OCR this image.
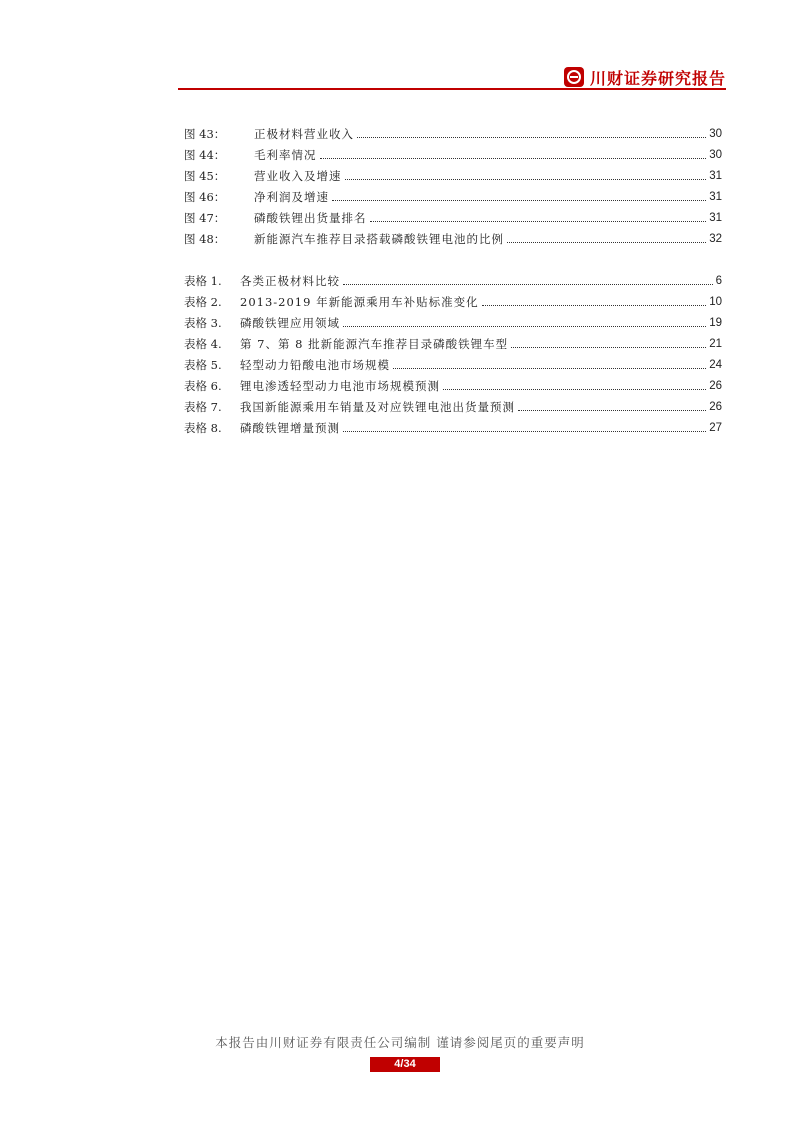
川财证券研究报告
图 43：	正极材料营业收入	30
图 44：	毛利率情况	30
图 45：	营业收入及增速	31
图 46：	净利润及增速	31
图 47：	磷酸铁锂出货量排名	31
图 48：	新能源汽车推荐目录搭载磷酸铁锂电池的比例	32
表格 1.	各类正极材料比较	6
表格 2.	2013-2019 年新能源乘用车补贴标准变化	10
表格 3.	磷酸铁锂应用领域	19
表格 4.	第 7、第 8 批新能源汽车推荐目录磷酸铁锂车型	21
表格 5.	轻型动力铅酸电池市场规模	24
表格 6.	锂电渗透轻型动力电池市场规模预测	26
表格 7.	我国新能源乘用车销量及对应铁锂电池出货量预测	26
表格 8.	磷酸铁锂增量预测	27
本报告由川财证券有限责任公司编制 谨请参阅尾页的重要声明
4/34
